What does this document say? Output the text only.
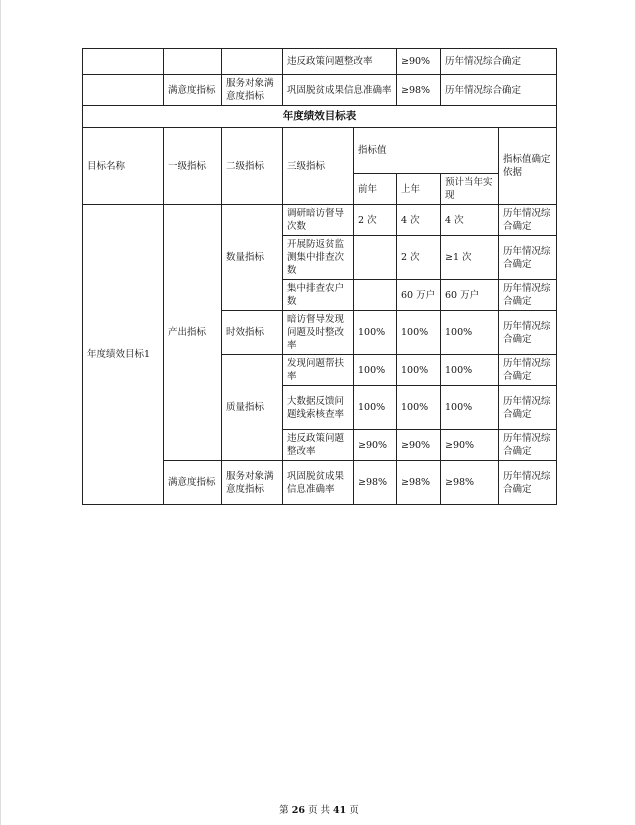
			违反政策问题整改率	≥90%	历年情况综合确定
	满意度指标	服务对象满意度指标	巩固脱贫成果信息准确率	≥98%	历年情况综合确定
年度绩效目标表							
目标名称	一级指标	二级指标	三级指标	指标值			指标值确定依据
				前年	上年	预计当年实现	
年度绩效目标1	产出指标	数量指标	调研暗访督导次数	2 次	4 次	4 次	历年情况综合确定
			开展防返贫监测集中排查次数		2 次	≥1 次	历年情况综合确定
			集中排查农户数		60 万户	60 万户	历年情况综合确定
		时效指标	暗访督导发现问题及时整改率	100%	100%	100%	历年情况综合确定
		质量指标	发现问题帮扶率	100%	100%	100%	历年情况综合确定
			大数据反馈问题线索核查率	100%	100%	100%	历年情况综合确定
			违反政策问题整改率	≥90%	≥90%	≥90%	历年情况综合确定
	满意度指标	服务对象满意度指标	巩固脱贫成果信息准确率	≥98%	≥98%	≥98%	历年情况综合确定
第 26 页 共 41 页
